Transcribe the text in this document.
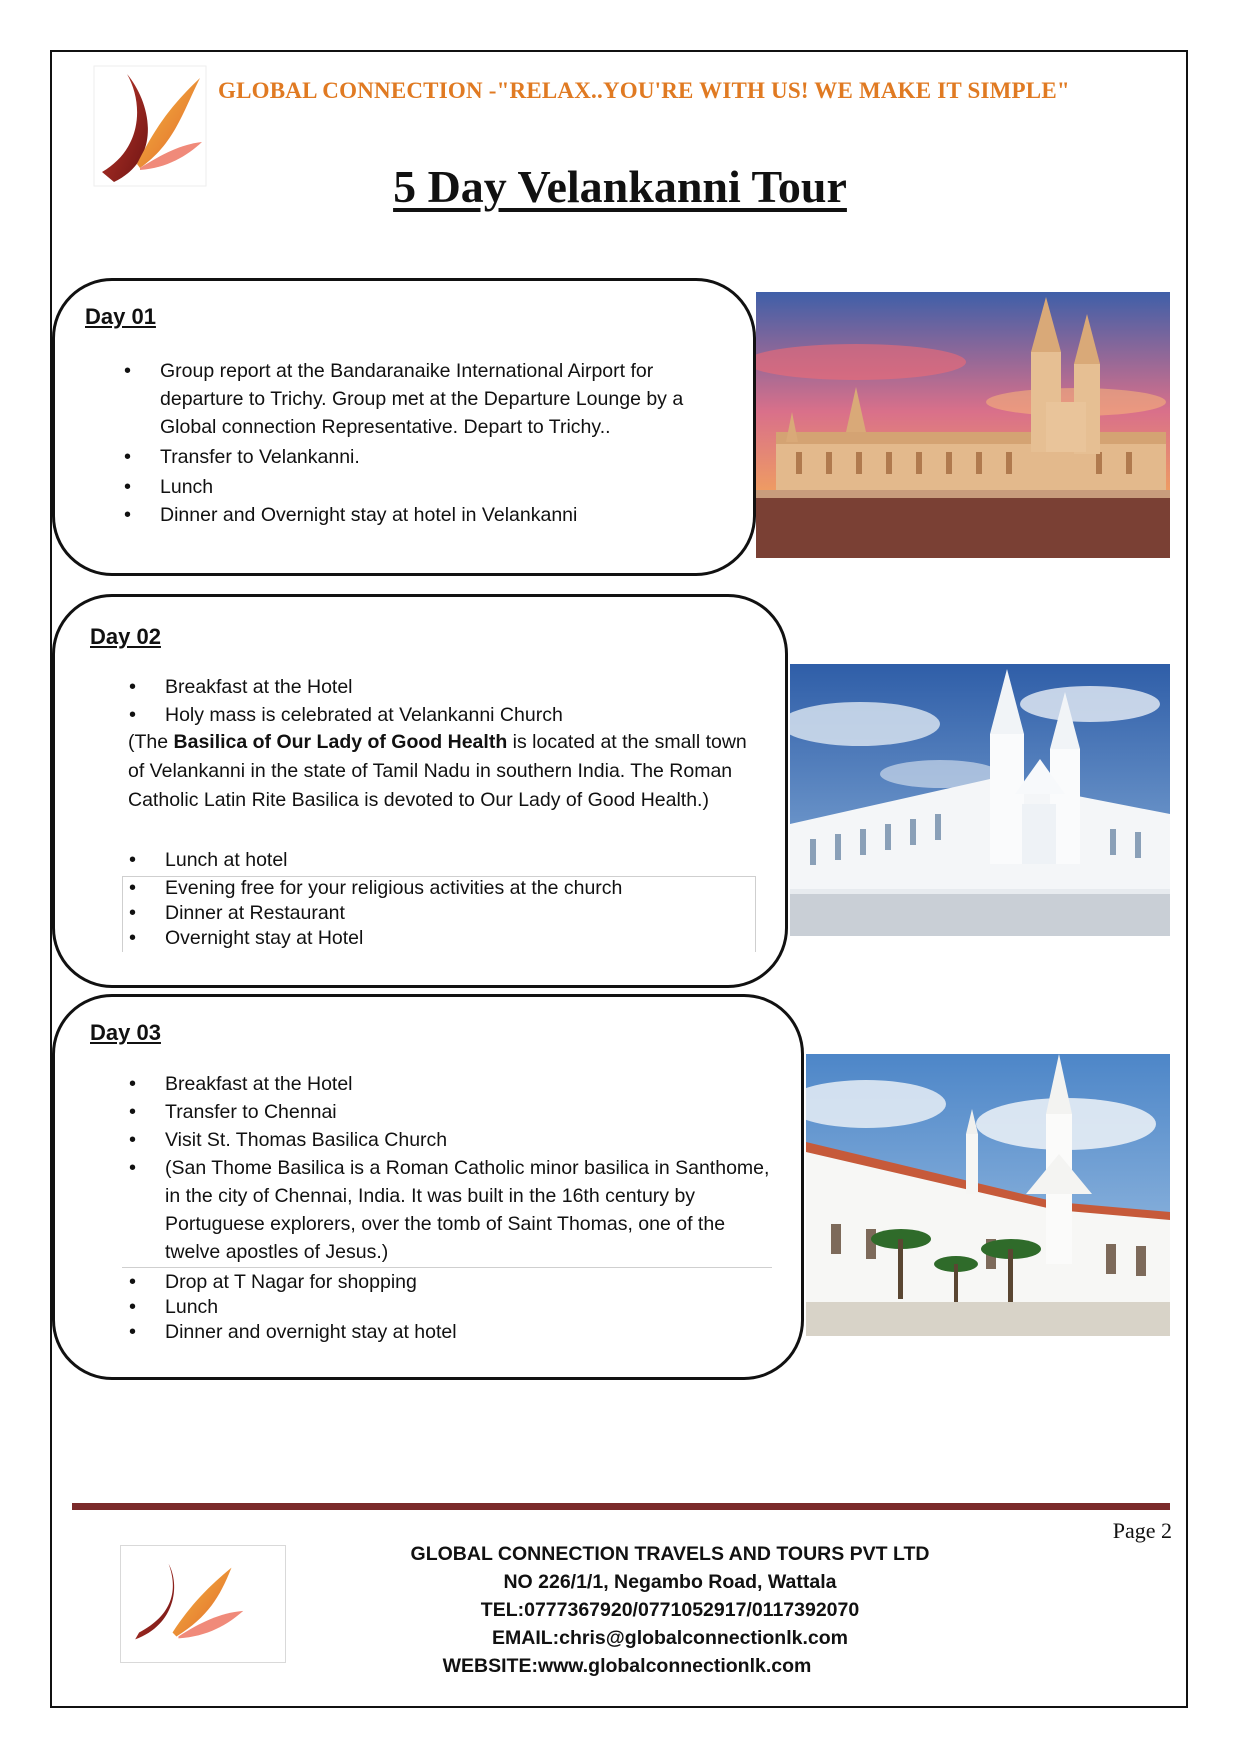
GLOBAL CONNECTION -"RELAX..YOU'RE WITH US! WE MAKE IT SIMPLE"
5 Day Velankanni Tour
Day 01
• Group report at the Bandaranaike International Airport for departure to Trichy. Group met at the Departure Lounge by a Global connection Representative. Depart to Trichy..
• Transfer to Velankanni.
• Lunch
• Dinner and Overnight stay at hotel in Velankanni
Day 02
• Breakfast at the Hotel
• Holy mass is celebrated at Velankanni Church
(The Basilica of Our Lady of Good Health is located at the small town of Velankanni in the state of Tamil Nadu in southern India. The Roman Catholic Latin Rite Basilica is devoted to Our Lady of Good Health.)
• Lunch at hotel
• Evening free for your religious activities at the church
• Dinner at Restaurant
• Overnight stay at Hotel
Day 03
• Breakfast at the Hotel
• Transfer to Chennai
• Visit St. Thomas Basilica Church
• (San Thome Basilica is a Roman Catholic minor basilica in Santhome, in the city of Chennai, India. It was built in the 16th century by Portuguese explorers, over the tomb of Saint Thomas, one of the twelve apostles of Jesus.)
• Drop at T Nagar for shopping
• Lunch
• Dinner and overnight stay at hotel
Page 2
GLOBAL CONNECTION TRAVELS AND TOURS PVT LTD
NO 226/1/1, Negambo Road, Wattala
TEL:0777367920/0771052917/0117392070
EMAIL:chris@globalconnectionlk.com
WEBSITE:www.globalconnectionlk.com
